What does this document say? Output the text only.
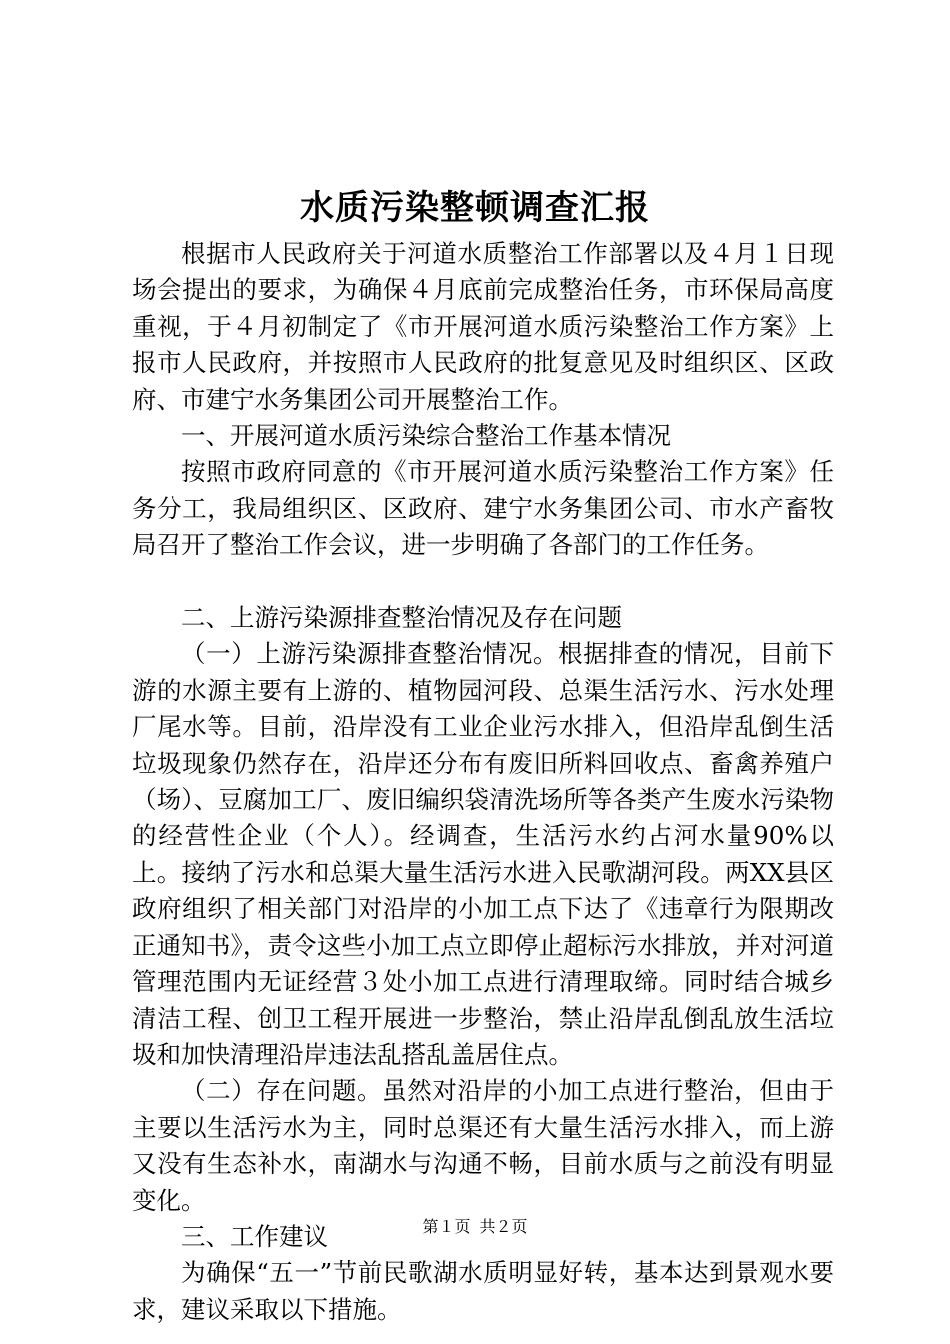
水质污染整顿调查汇报

根据市人民政府关于河道水质整治工作部署以及４月１日现场会提出的要求，为确保４月底前完成整治任务，市环保局高度重视，于４月初制定了《市开展河道水质污染整治工作方案》上报市人民政府，并按照市人民政府的批复意见及时组织区、区政府、市建宁水务集团公司开展整治工作。

一、开展河道水质污染综合整治工作基本情况

按照市政府同意的《市开展河道水质污染整治工作方案》任务分工，我局组织区、区政府、建宁水务集团公司、市水产畜牧局召开了整治工作会议，进一步明确了各部门的工作任务。

二、上游污染源排查整治情况及存在问题

（一）上游污染源排查整治情况。根据排查的情况，目前下游的水源主要有上游的、植物园河段、总渠生活污水、污水处理厂尾水等。目前，沿岸没有工业企业污水排入，但沿岸乱倒生活垃圾现象仍然存在，沿岸还分布有废旧所料回收点、畜禽养殖户（场）、豆腐加工厂、废旧编织袋清洗场所等各类产生废水污染物的经营性企业（个人）。经调查，生活污水约占河水量90%以上。接纳了污水和总渠大量生活污水进入民歌湖河段。两XX县区政府组织了相关部门对沿岸的小加工点下达了《违章行为限期改正通知书》，责令这些小加工点立即停止超标污水排放，并对河道管理范围内无证经营３处小加工点进行清理取缔。同时结合城乡清洁工程、创卫工程开展进一步整治，禁止沿岸乱倒乱放生活垃圾和加快清理沿岸违法乱搭乱盖居住点。

（二）存在问题。虽然对沿岸的小加工点进行整治，但由于主要以生活污水为主，同时总渠还有大量生活污水排入，而上游又没有生态补水，南湖水与沟通不畅，目前水质与之前没有明显变化。

三、工作建议

为确保“五一”节前民歌湖水质明显好转，基本达到景观水要求，建议采取以下措施。

第１页 共２页
